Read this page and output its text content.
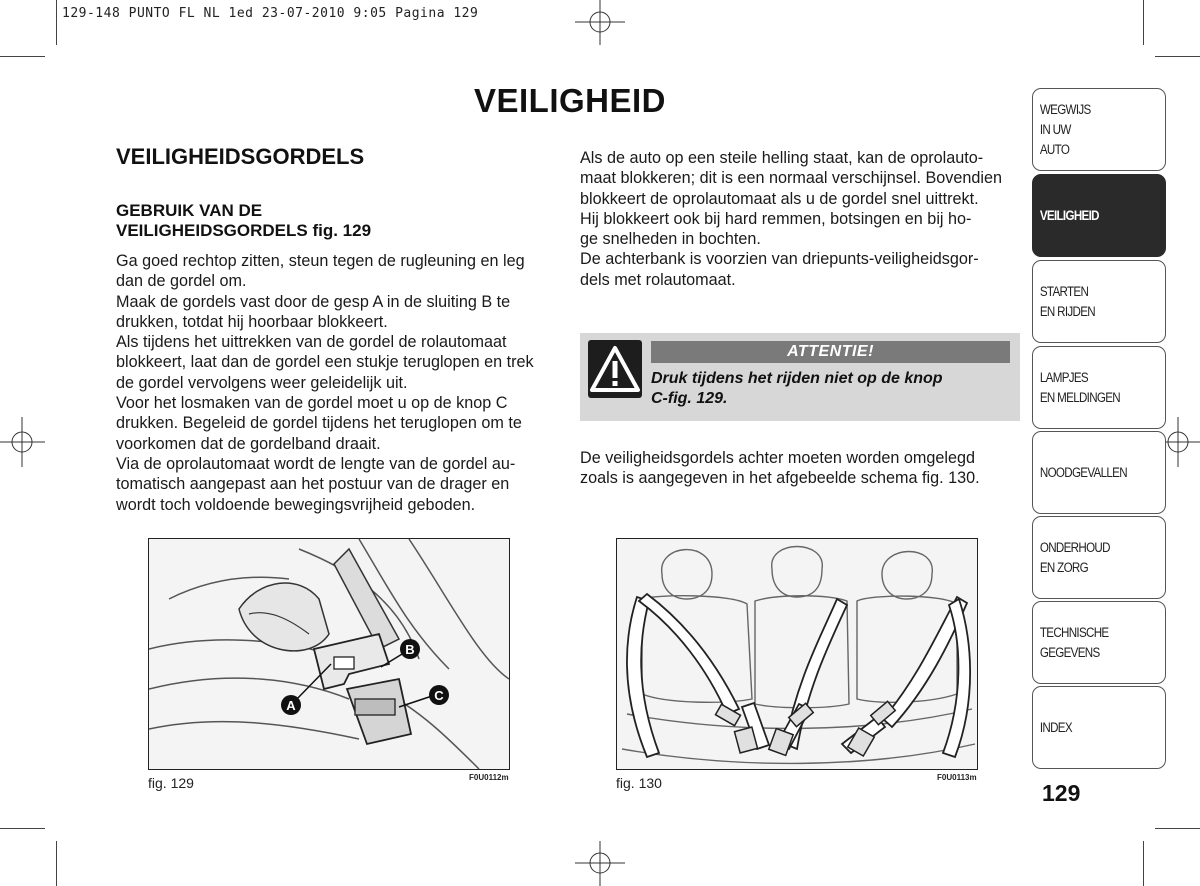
129-148 PUNTO FL NL 1ed 23-07-2010 9:05 Pagina 129
VEILIGHEID
VEILIGHEIDSGORDELS
GEBRUIK VAN DE
VEILIGHEIDSGORDELS fig. 129
Ga goed rechtop zitten, steun tegen de rugleuning en leg
dan de gordel om.
Maak de gordels vast door de gesp A in de sluiting B te
drukken, totdat hij hoorbaar blokkeert.
Als tijdens het uittrekken van de gordel de rolautomaat
blokkeert, laat dan de gordel een stukje teruglopen en trek
de gordel vervolgens weer geleidelijk uit.
Voor het losmaken van de gordel moet u op de knop C
drukken. Begeleid de gordel tijdens het teruglopen om te
voorkomen dat de gordelband draait.
Via de oprolautomaat wordt de lengte van de gordel au-
tomatisch aangepast aan het postuur van de drager en
wordt toch voldoende bewegingsvrijheid geboden.
Als de auto op een steile helling staat, kan de oprolauto-
maat blokkeren; dit is een normaal verschijnsel. Bovendien
blokkeert de oprolautomaat als u de gordel snel uittrekt.
Hij blokkeert ook bij hard remmen, botsingen en bij ho-
ge snelheden in bochten.
De achterbank is voorzien van driepunts-veiligheidsgor-
dels met rolautomaat.
ATTENTIE!
Druk tijdens het rijden niet op de knop
C-fig. 129.
De veiligheidsgordels achter moeten worden omgelegd
zoals is aangegeven in het afgebeelde schema fig. 130.
A
B
C
fig. 129	F0U0112m	fig. 130	F0U0113m
WEGWIJS
IN UW
AUTO
VEILIGHEID
STARTEN
EN RIJDEN
LAMPJES
EN MELDINGEN
NOODGEVALLEN
ONDERHOUD
EN ZORG
TECHNISCHE
GEGEVENS
INDEX
129
